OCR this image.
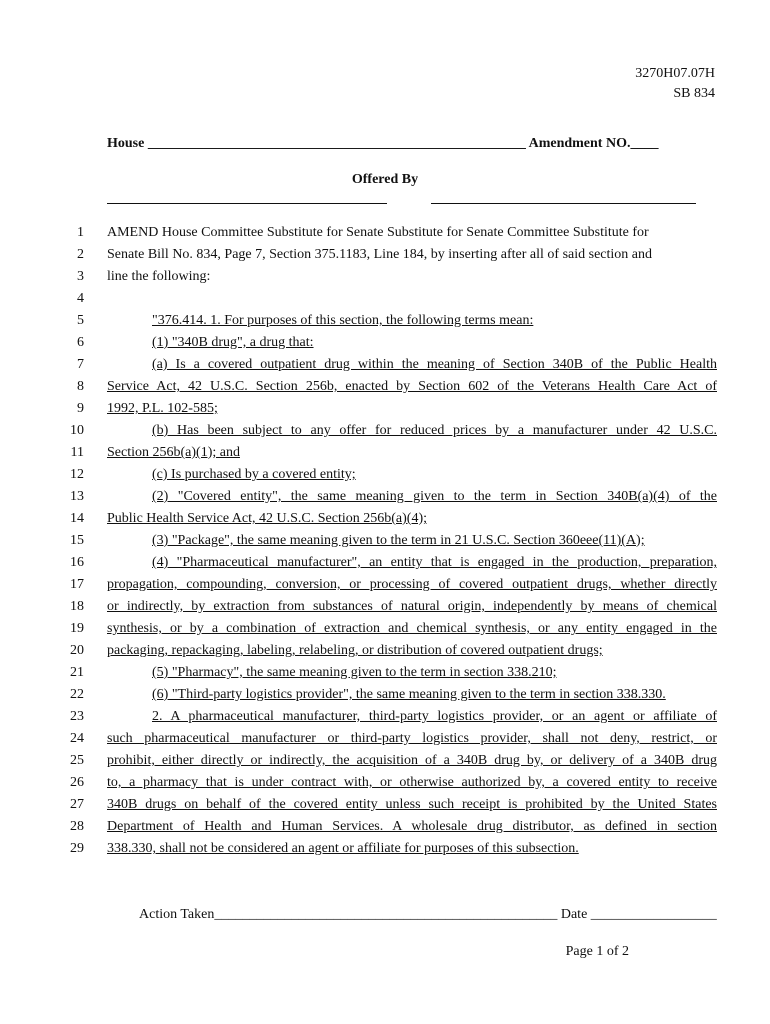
3270H07.07H
SB 834
House ______________________________________________________ Amendment NO.____
Offered By
1 AMEND House Committee Substitute for Senate Substitute for Senate Committee Substitute for
2 Senate Bill No. 834, Page 7, Section 375.1183, Line 184, by inserting after all of said section and
3 line the following:
4
5	"376.414. 1. For purposes of this section, the following terms mean:
6	(1) "340B drug", a drug that:
7	(a) Is a covered outpatient drug within the meaning of Section 340B of the Public Health
8 Service Act, 42 U.S.C. Section 256b, enacted by Section 602 of the Veterans Health Care Act of
9 1992, P.L. 102-585;
10	(b) Has been subject to any offer for reduced prices by a manufacturer under 42 U.S.C.
11 Section 256b(a)(1); and
12	(c) Is purchased by a covered entity;
13	(2) "Covered entity", the same meaning given to the term in Section 340B(a)(4) of the
14 Public Health Service Act, 42 U.S.C. Section 256b(a)(4);
15	(3) "Package", the same meaning given to the term in 21 U.S.C. Section 360eee(11)(A);
16	(4) "Pharmaceutical manufacturer", an entity that is engaged in the production, preparation,
17 propagation, compounding, conversion, or processing of covered outpatient drugs, whether directly
18 or indirectly, by extraction from substances of natural origin, independently by means of chemical
19 synthesis, or by a combination of extraction and chemical synthesis, or any entity engaged in the
20 packaging, repackaging, labeling, relabeling, or distribution of covered outpatient drugs;
21	(5) "Pharmacy", the same meaning given to the term in section 338.210;
22	(6) "Third-party logistics provider", the same meaning given to the term in section 338.330.
23	2. A pharmaceutical manufacturer, third-party logistics provider, or an agent or affiliate of
24 such pharmaceutical manufacturer or third-party logistics provider, shall not deny, restrict, or
25 prohibit, either directly or indirectly, the acquisition of a 340B drug by, or delivery of a 340B drug
26 to, a pharmacy that is under contract with, or otherwise authorized by, a covered entity to receive
27 340B drugs on behalf of the covered entity unless such receipt is prohibited by the United States
28 Department of Health and Human Services. A wholesale drug distributor, as defined in section
29 338.330, shall not be considered an agent or affiliate for purposes of this subsection.
Action Taken_________________________________________________ Date __________________
Page 1 of 2
